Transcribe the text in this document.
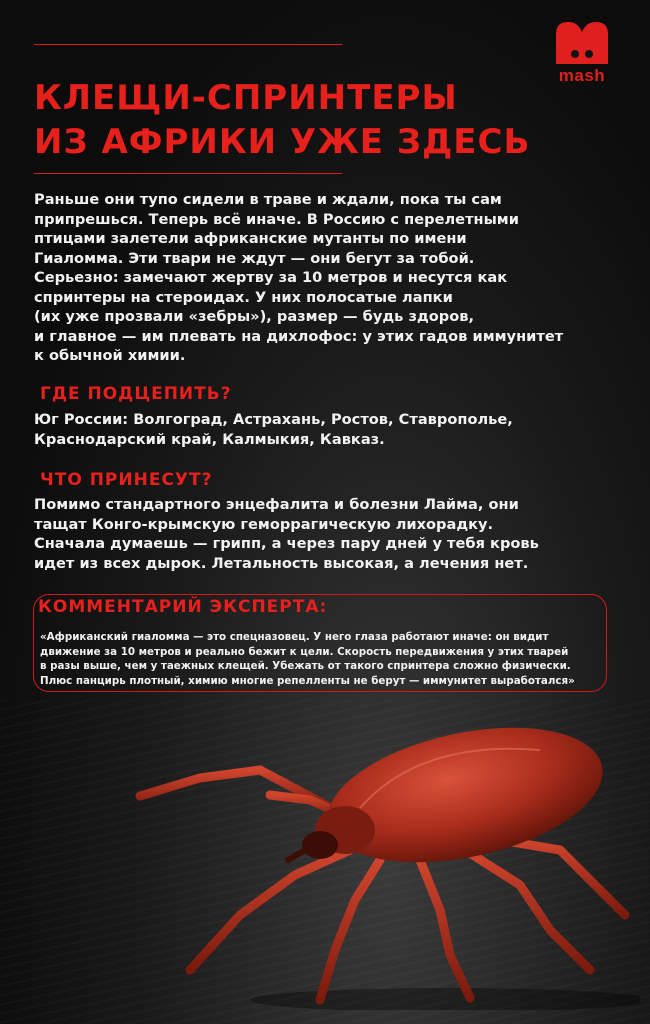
mash
КЛЕЩИ-СПРИНТЕРЫ
ИЗ АФРИКИ УЖЕ ЗДЕСЬ

Раньше они тупо сидели в траве и ждали, пока ты сам

припрешься. Теперь всё иначе. В Россию с перелетными

птицами залетели африканские мутанты по имени

Гиаломма. Эти твари не ждут — они бегут за тобой.

Серьезно: замечают жертву за 10 метров и несутся как

спринтеры на стероидах. У них полосатые лапки

(их уже прозвали «зебры»), размер — будь здоров,

и главное — им плевать на дихлофос: у этих гадов иммунитет

к обычной химии.

ГДЕ ПОДЦЕПИТЬ?

Юг России: Волгоград, Астрахань, Ростов, Ставрополье,

Краснодарский край, Калмыкия, Кавказ.

ЧТО ПРИНЕСУТ?

Помимо стандартного энцефалита и болезни Лайма, они

тащат Конго-крымскую геморрагическую лихорадку.

Сначала думаешь — грипп, а через пару дней у тебя кровь

идет из всех дырок. Летальность высокая, а лечения нет.

КОММЕНТАРИЙ ЭКСПЕРТА:

«Африканский гиаломма — это спецназовец. У него глаза работают иначе: он видит

движение за 10 метров и реально бежит к цели. Скорость передвижения у этих тварей

в разы выше, чем у таежных клещей. Убежать от такого спринтера сложно физически.

Плюс панцирь плотный, химию многие репелленты не берут — иммунитет выработался»
